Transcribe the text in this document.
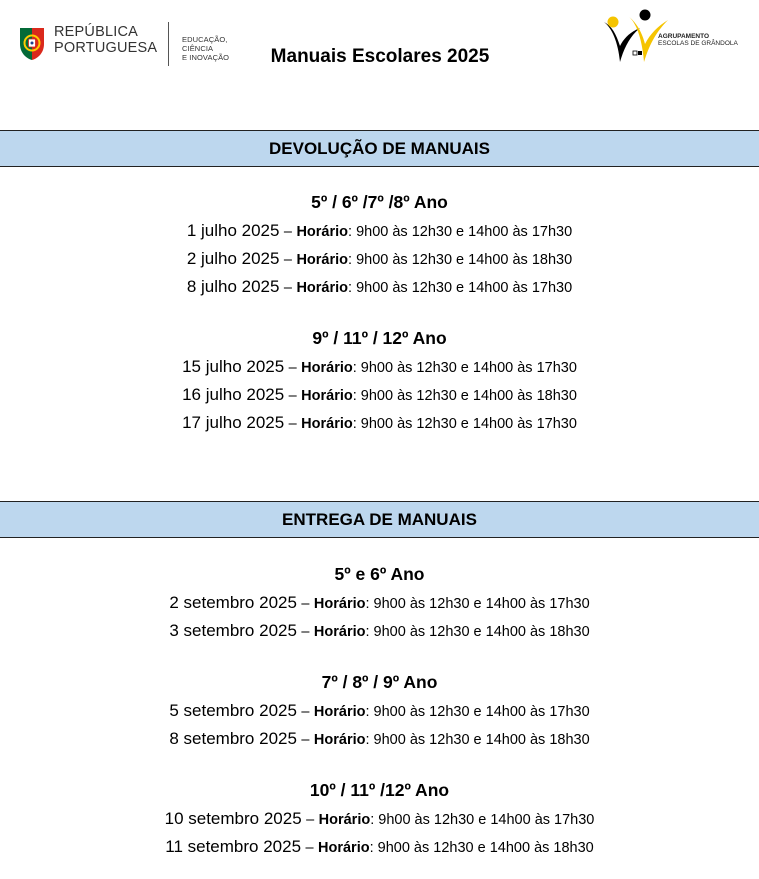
REPÚBLICA
PORTUGUESA
EDUCAÇÃO, CIÊNCIA
E INOVAÇÃO	Manuais Escolares 2025
AGRUPAMENTO
ESCOLAS DE GRÂNDOLA
DEVOLUÇÃO DE MANUAIS
5º / 6º /7º /8º Ano
1 julho 2025 – Horário: 9h00 às 12h30 e 14h00 às 17h30
2 julho 2025 – Horário: 9h00 às 12h30 e 14h00 às 18h30
8 julho 2025 – Horário: 9h00 às 12h30 e 14h00 às 17h30
9º / 11º / 12º Ano
15 julho 2025 – Horário: 9h00 às 12h30 e 14h00 às 17h30
16 julho 2025 – Horário: 9h00 às 12h30 e 14h00 às 18h30
17 julho 2025 – Horário: 9h00 às 12h30 e 14h00 às 17h30
ENTREGA DE MANUAIS
5º e 6º Ano
2 setembro 2025 – Horário: 9h00 às 12h30 e 14h00 às 17h30
3 setembro 2025 – Horário: 9h00 às 12h30 e 14h00 às 18h30
7º / 8º / 9º Ano
5 setembro 2025 – Horário: 9h00 às 12h30 e 14h00 às 17h30
8 setembro 2025 – Horário: 9h00 às 12h30 e 14h00 às 18h30
10º / 11º /12º Ano
10 setembro 2025 – Horário: 9h00 às 12h30 e 14h00 às 17h30
11 setembro 2025 – Horário: 9h00 às 12h30 e 14h00 às 18h30
